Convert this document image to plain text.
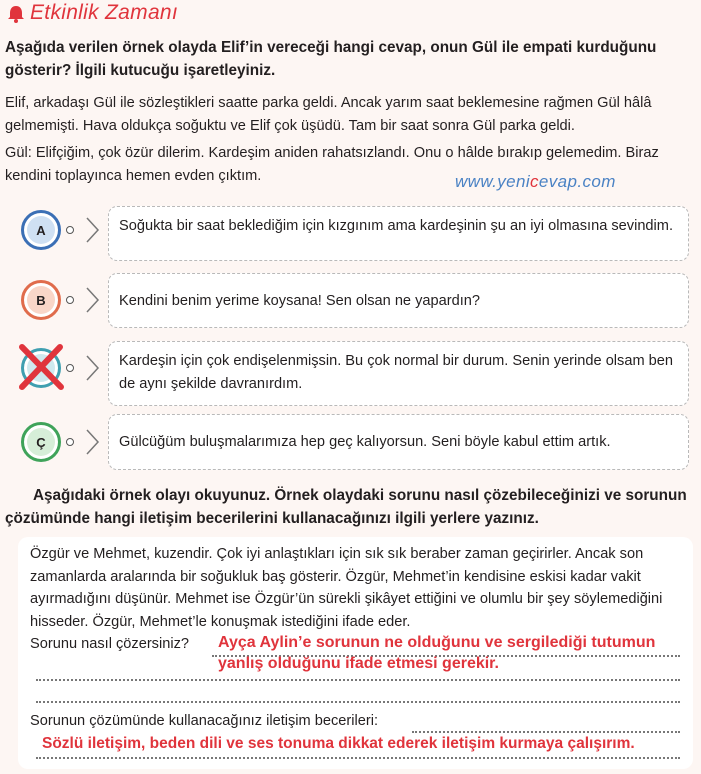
Etkinlik Zamanı
Aşağıda verilen örnek olayda Elif’in vereceği hangi cevap, onun Gül ile empati kurduğunu gösterir? İlgili kutucuğu işaretleyiniz.
Elif, arkadaşı Gül ile sözleştikleri saatte parka geldi. Ancak yarım saat beklemesine rağmen Gül hâlâ gelmemişti. Hava oldukça soğuktu ve Elif çok üşüdü. Tam bir saat sonra Gül parka geldi.
Gül: Elifçiğim, çok özür dilerim. Kardeşim aniden rahatsızlandı. Onu o hâlde bırakıp gelemedim. Biraz kendini toplayınca hemen evden çıktım.	www.yenicevap.com
A	Soğukta bir saat beklediğim için kızgınım ama kardeşinin şu an iyi olmasına sevindim.
B	Kendini benim yerime koysana! Sen olsan ne yapardın?
Kardeşin için çok endişelenmişsin. Bu çok normal bir durum. Senin yerinde olsam ben de aynı şekilde davranırdım.
Ç	Gülcüğüm buluşmalarımıza hep geç kalıyorsun. Seni böyle kabul ettim artık.
Aşağıdaki örnek olayı okuyunuz. Örnek olaydaki sorunu nasıl çözebileceğinizi ve sorunun
çözümünde hangi iletişim becerilerini kullanacağınızı ilgili yerlere yazınız.
Özgür ve Mehmet, kuzendir. Çok iyi anlaştıkları için sık sık beraber zaman geçirirler. Ancak son zamanlarda aralarında bir soğukluk baş gösterir. Özgür, Mehmet’in kendisine eskisi kadar vakit ayırmadığını düşünür. Mehmet ise Özgür’ün sürekli şikâyet ettiğini ve olumlu bir şey söylemediğini hisseder. Özgür, Mehmet’le konuşmak istediğini ifade eder.
Sorunu nasıl çözersiniz? Ayça Aylin’e sorunun ne olduğunu ve sergilediği tutumun
yanlış olduğunu ifade etmesi gerekir.
Sorunun çözümünde kullanacağınız iletişim becerileri:
Sözlü iletişim, beden dili ve ses tonuma dikkat ederek iletişim kurmaya çalışırım.
